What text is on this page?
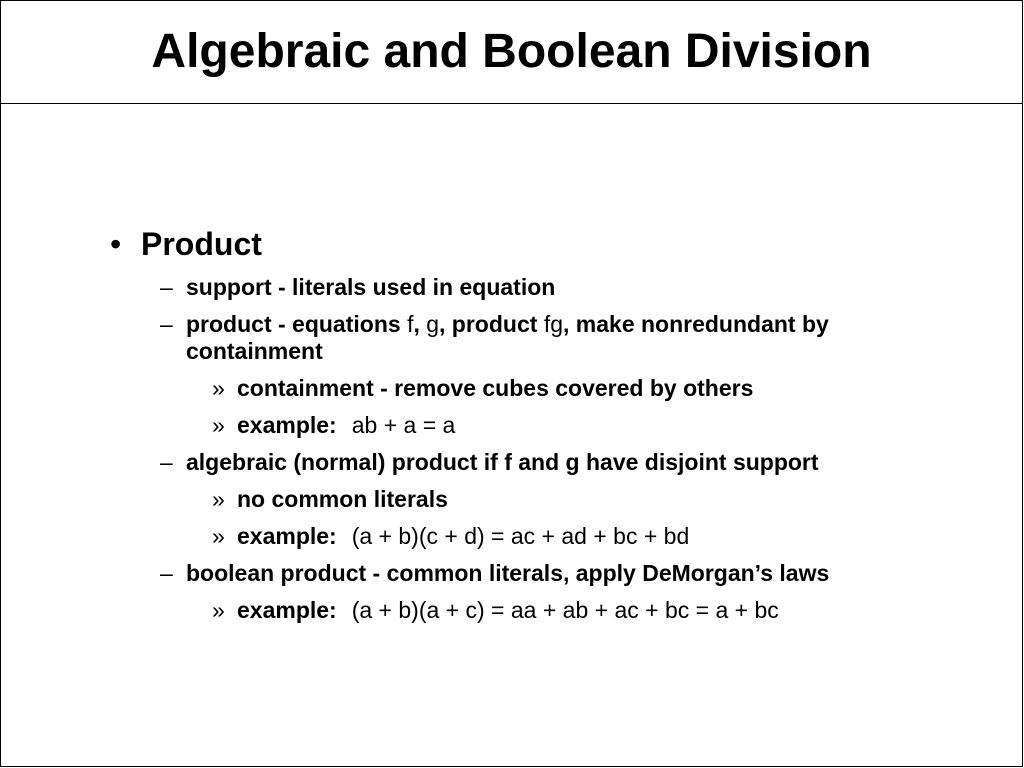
Algebraic and Boolean Division
• Product
– support - literals used in equation
– product - equations f, g, product fg, make nonredundant by
containment
» containment - remove cubes covered by others
» example: ab + a = a
– algebraic (normal) product if f and g have disjoint support
» no common literals
» example: (a + b)(c + d) = ac + ad + bc + bd
– boolean product - common literals, apply DeMorgan’s laws
» example: (a + b)(a + c) = aa + ab + ac + bc = a + bc
